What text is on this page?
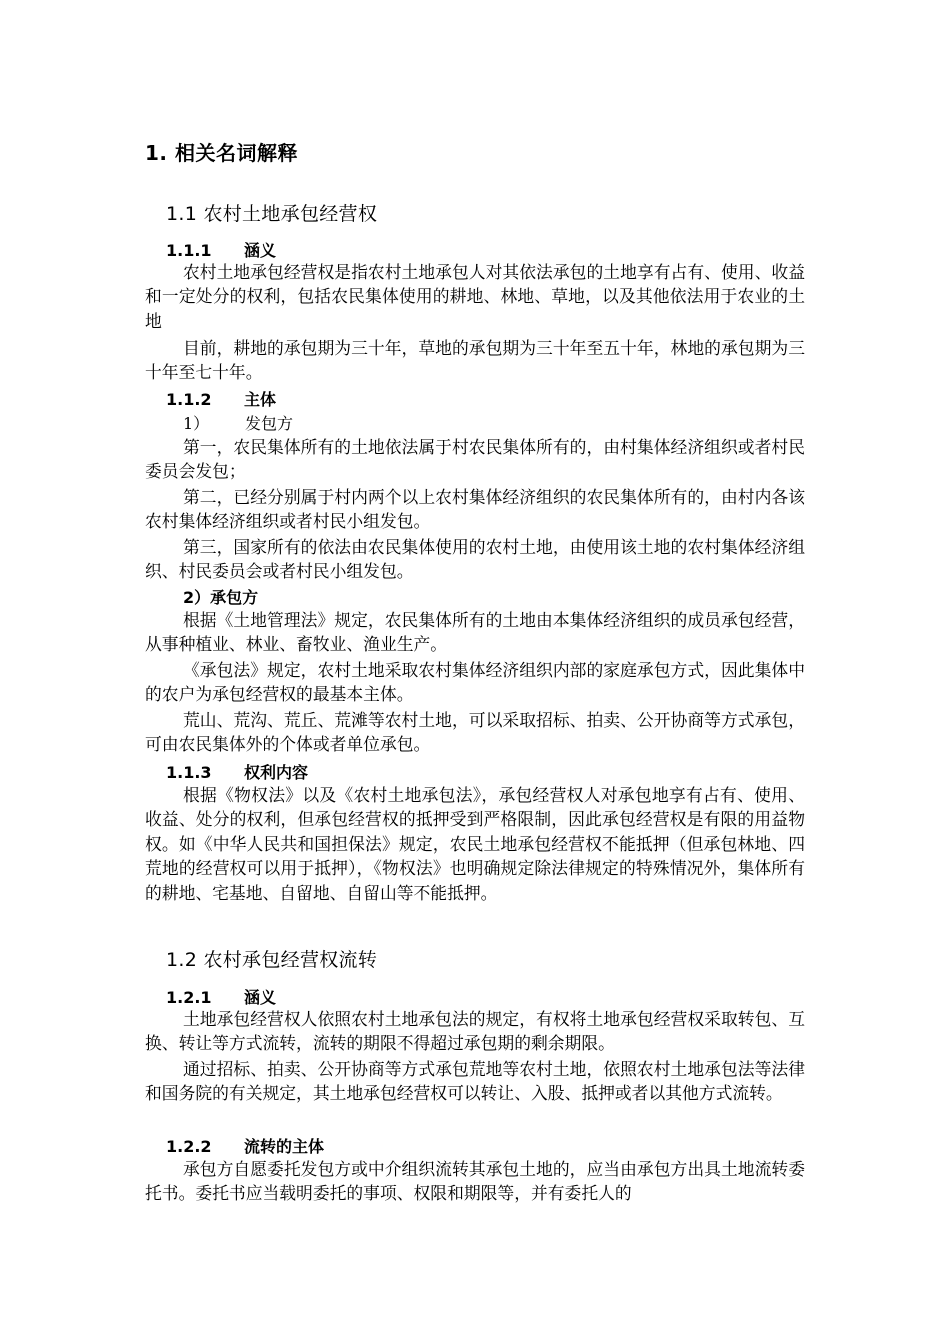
1. 相关名词解释
1.1 农村土地承包经营权
1.1.1 涵义

农村土地承包经营权是指农村土地承包人对其依法承包的土地享有占有、使用、收益和一定处分的权利，包括农民集体使用的耕地、林地、草地，以及其他依法用于农业的土地

目前，耕地的承包期为三十年，草地的承包期为三十年至五十年，林地的承包期为三十年至七十年。

1.1.2 主体
1） 发包方

第一，农民集体所有的土地依法属于村农民集体所有的，由村集体经济组织或者村民委员会发包；

第二，已经分别属于村内两个以上农村集体经济组织的农民集体所有的，由村内各该农村集体经济组织或者村民小组发包。

第三，国家所有的依法由农民集体使用的农村土地，由使用该土地的农村集体经济组织、村民委员会或者村民小组发包。

2）承包方

根据《土地管理法》规定，农民集体所有的土地由本集体经济组织的成员承包经营，从事种植业、林业、畜牧业、渔业生产。

《承包法》规定，农村土地采取农村集体经济组织内部的家庭承包方式，因此集体中的农户为承包经营权的最基本主体。

荒山、荒沟、荒丘、荒滩等农村土地，可以采取招标、拍卖、公开协商等方式承包，可由农民集体外的个体或者单位承包。

1.1.3 权利内容

根据《物权法》以及《农村土地承包法》，承包经营权人对承包地享有占有、使用、收益、处分的权利，但承包经营权的抵押受到严格限制，因此承包经营权是有限的用益物权。如《中华人民共和国担保法》规定，农民土地承包经营权不能抵押（但承包林地、四荒地的经营权可以用于抵押），《物权法》也明确规定除法律规定的特殊情况外，集体所有的耕地、宅基地、自留地、自留山等不能抵押。

1.2 农村承包经营权流转
1.2.1 涵义

土地承包经营权人依照农村土地承包法的规定，有权将土地承包经营权采取转包、互换、转让等方式流转，流转的期限不得超过承包期的剩余期限。

通过招标、拍卖、公开协商等方式承包荒地等农村土地，依照农村土地承包法等法律和国务院的有关规定，其土地承包经营权可以转让、入股、抵押或者以其他方式流转。

1.2.2 流转的主体

承包方自愿委托发包方或中介组织流转其承包土地的，应当由承包方出具土地流转委托书。委托书应当载明委托的事项、权限和期限等，并有委托人的
